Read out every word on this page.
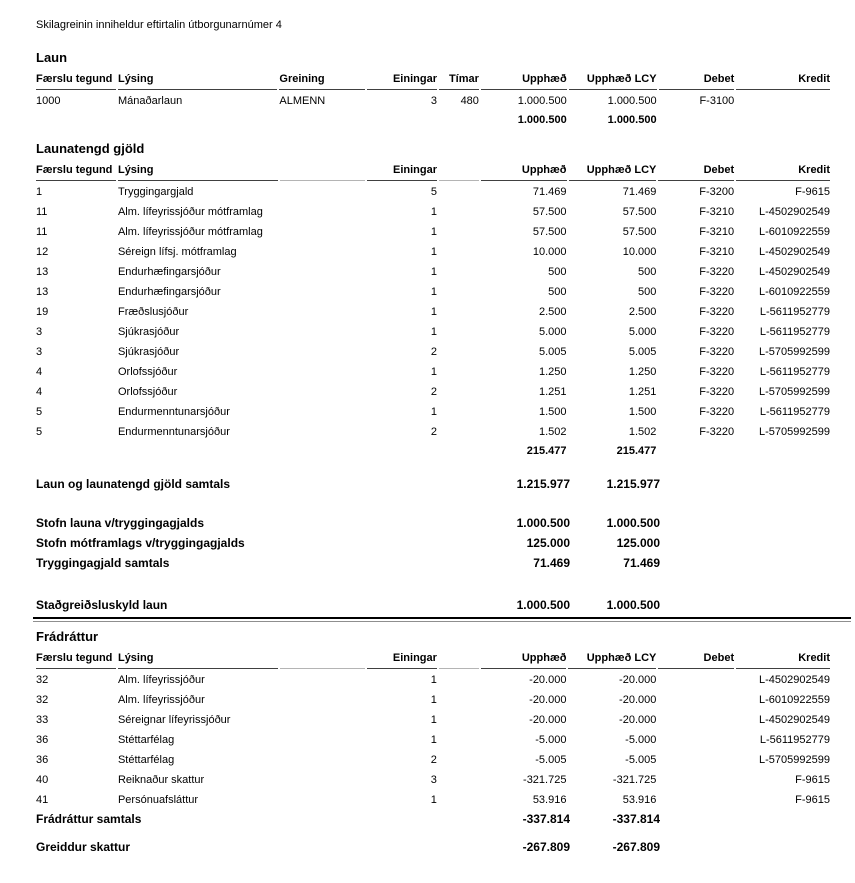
Skilagreinin inniheldur eftirtalin útborgunarnúmer 4

Laun
Færslu tegund	Lýsing	Greining	Einingar	Tímar	Upphæð	Upphæð LCY	Debet	Kredit
1000	Mánaðarlaun	ALMENN	3	480	1.000.500	1.000.500	F-3100	
					1.000.500	1.000.500		
Launatengd gjöld
Færslu tegund	Lýsing		Einingar		Upphæð	Upphæð LCY	Debet	Kredit
1	Tryggingargjald		5		71.469	71.469	F-3200	F-9615
11	Alm. lífeyrissjóður mótframlag		1		57.500	57.500	F-3210	L-4502902549
11	Alm. lífeyrissjóður mótframlag		1		57.500	57.500	F-3210	L-6010922559
12	Séreign lífsj. mótframlag		1		10.000	10.000	F-3210	L-4502902549
13	Endurhæfingarsjóður		1		500	500	F-3220	L-4502902549
13	Endurhæfingarsjóður		1		500	500	F-3220	L-6010922559
19	Fræðslusjóður		1		2.500	2.500	F-3220	L-5611952779
3	Sjúkrasjóður		1		5.000	5.000	F-3220	L-5611952779
3	Sjúkrasjóður		2		5.005	5.005	F-3220	L-5705992599
4	Orlofssjóður		1		1.250	1.250	F-3220	L-5611952779
4	Orlofssjóður		2		1.251	1.251	F-3220	L-5705992599
5	Endurmenntunarsjóður		1		1.500	1.500	F-3220	L-5611952779
5	Endurmenntunarsjóður		2		1.502	1.502	F-3220	L-5705992599
					215.477	215.477		
Laun og launatengd gjöld samtals	1.215.977	1.215.977
Stofn launa v/tryggingagjalds	1.000.500	1.000.500
Stofn mótframlags v/tryggingagjalds	125.000	125.000
Tryggingagjald samtals	71.469	71.469
Staðgreiðsluskyld laun	1.000.500	1.000.500
Frádráttur
Færslu tegund	Lýsing		Einingar		Upphæð	Upphæð LCY	Debet	Kredit
32	Alm. lífeyrissjóður		1		-20.000	-20.000		L-4502902549
32	Alm. lífeyrissjóður		1		-20.000	-20.000		L-6010922559
33	Séreignar lífeyrissjóður		1		-20.000	-20.000		L-4502902549
36	Stéttarfélag		1		-5.000	-5.000		L-5611952779
36	Stéttarfélag		2		-5.005	-5.005		L-5705992599
40	Reiknaður skattur		3		-321.725	-321.725		F-9615
41	Persónuafsláttur		1		53.916	53.916		F-9615
Frádráttur samtals	-337.814	-337.814
Greiddur skattur	-267.809	-267.809
